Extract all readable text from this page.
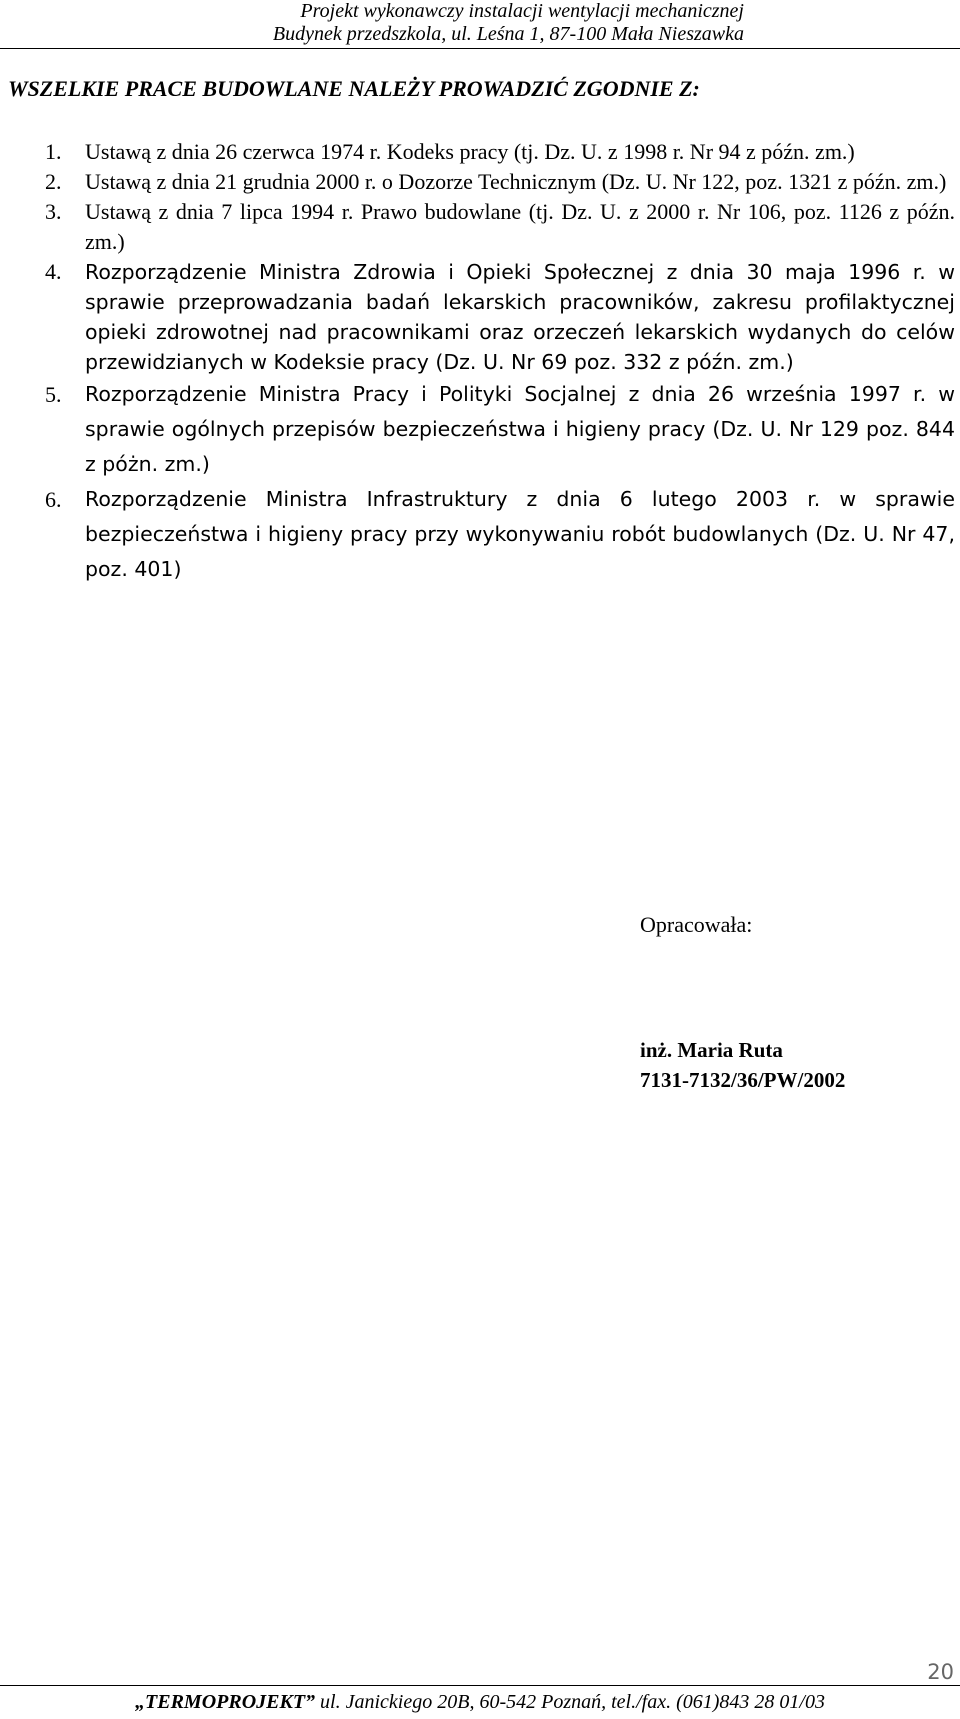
Projekt wykonawczy instalacji wentylacji mechanicznej
Budynek przedszkola, ul. Leśna 1, 87-100 Mała Nieszawka
WSZELKIE PRACE BUDOWLANE NALEŻY PROWADZIĆ ZGODNIE Z:
1.	Ustawą z dnia 26 czerwca 1974 r. Kodeks pracy (tj. Dz. U. z 1998 r. Nr 94 z późn. zm.)
2.	Ustawą z dnia 21 grudnia 2000 r. o Dozorze Technicznym (Dz. U. Nr 122, poz. 1321 z późn. zm.)
3.	Ustawą z dnia 7 lipca 1994 r. Prawo budowlane (tj. Dz. U. z 2000 r. Nr 106, poz. 1126 z późn. zm.)
4.	Rozporządzenie Ministra Zdrowia i Opieki Społecznej z dnia 30 maja 1996 r. w sprawie przeprowadzania badań lekarskich pracowników, zakresu profilaktycznej opieki zdrowotnej nad pracownikami oraz orzeczeń lekarskich wydanych do celów przewidzianych w Kodeksie pracy (Dz. U. Nr 69 poz. 332 z późn. zm.)
5.	Rozporządzenie Ministra Pracy i Polityki Socjalnej z dnia 26 września 1997 r. w sprawie ogólnych przepisów bezpieczeństwa i higieny pracy (Dz. U. Nr 129 poz. 844 z póżn. zm.)
6.	Rozporządzenie Ministra Infrastruktury z dnia 6 lutego 2003 r. w sprawie bezpieczeństwa i higieny pracy przy wykonywaniu robót budowlanych (Dz. U. Nr 47, poz. 401)
Opracowała:
inż. Maria Ruta
7131-7132/36/PW/2002
20
„TERMOPROJEKT” ul. Janickiego 20B, 60-542 Poznań, tel./fax. (061)843 28 01/03
